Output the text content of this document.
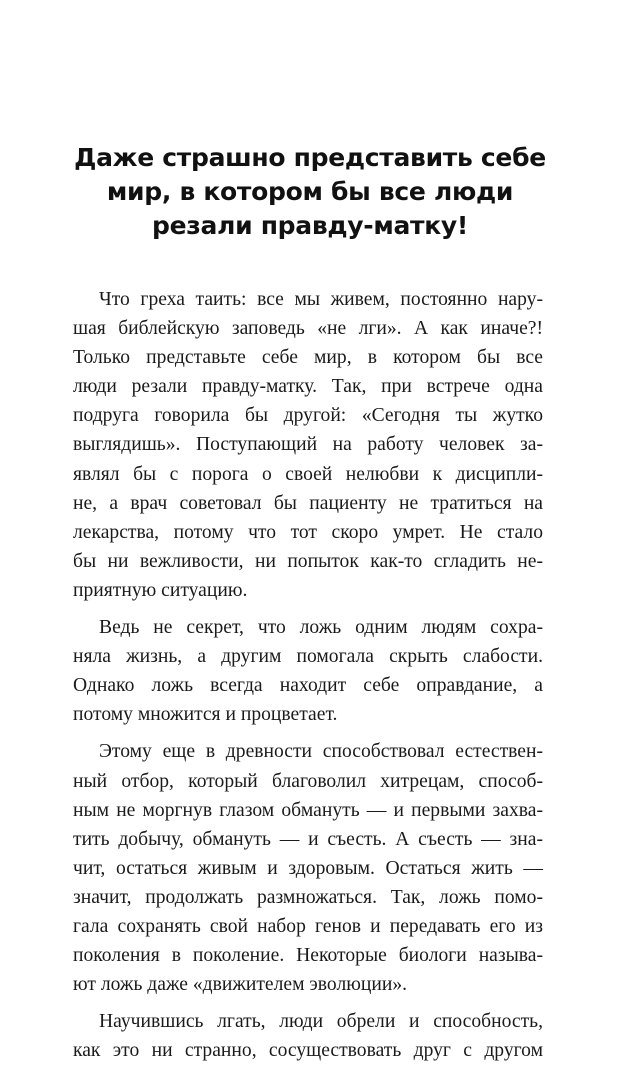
Даже страшно представить себе
мир, в котором бы все люди
резали правду-матку!

Что греха таить: все мы живем, постоянно нару-
шая библейскую заповедь «не лги». А как иначе?!
Только представьте себе мир, в котором бы все
люди резали правду-матку. Так, при встрече одна
подруга говорила бы другой: «Сегодня ты жутко
выглядишь». Поступающий на работу человек за-
являл бы с порога о своей нелюбви к дисципли-
не, а врач советовал бы пациенту не тратиться на
лекарства, потому что тот скоро умрет. Не стало
бы ни вежливости, ни попыток как-то сгладить не-
приятную ситуацию.

Ведь не секрет, что ложь одним людям сохра-
няла жизнь, а другим помогала скрыть слабости.
Однако ложь всегда находит себе оправдание, а
потому множится и процветает.

Этому еще в древности способствовал естествен-
ный отбор, который благоволил хитрецам, способ-
ным не моргнув глазом обмануть — и первыми захва-
тить добычу, обмануть — и съесть. А съесть — зна-
чит, остаться живым и здоровым. Остаться жить —
значит, продолжать размножаться. Так, ложь помо-
гала сохранять свой набор генов и передавать его из
поколения в поколение. Некоторые биологи называ-
ют ложь даже «движителем эволюции».

Научившись лгать, люди обрели и способность,
как это ни странно, сосуществовать друг с другом
